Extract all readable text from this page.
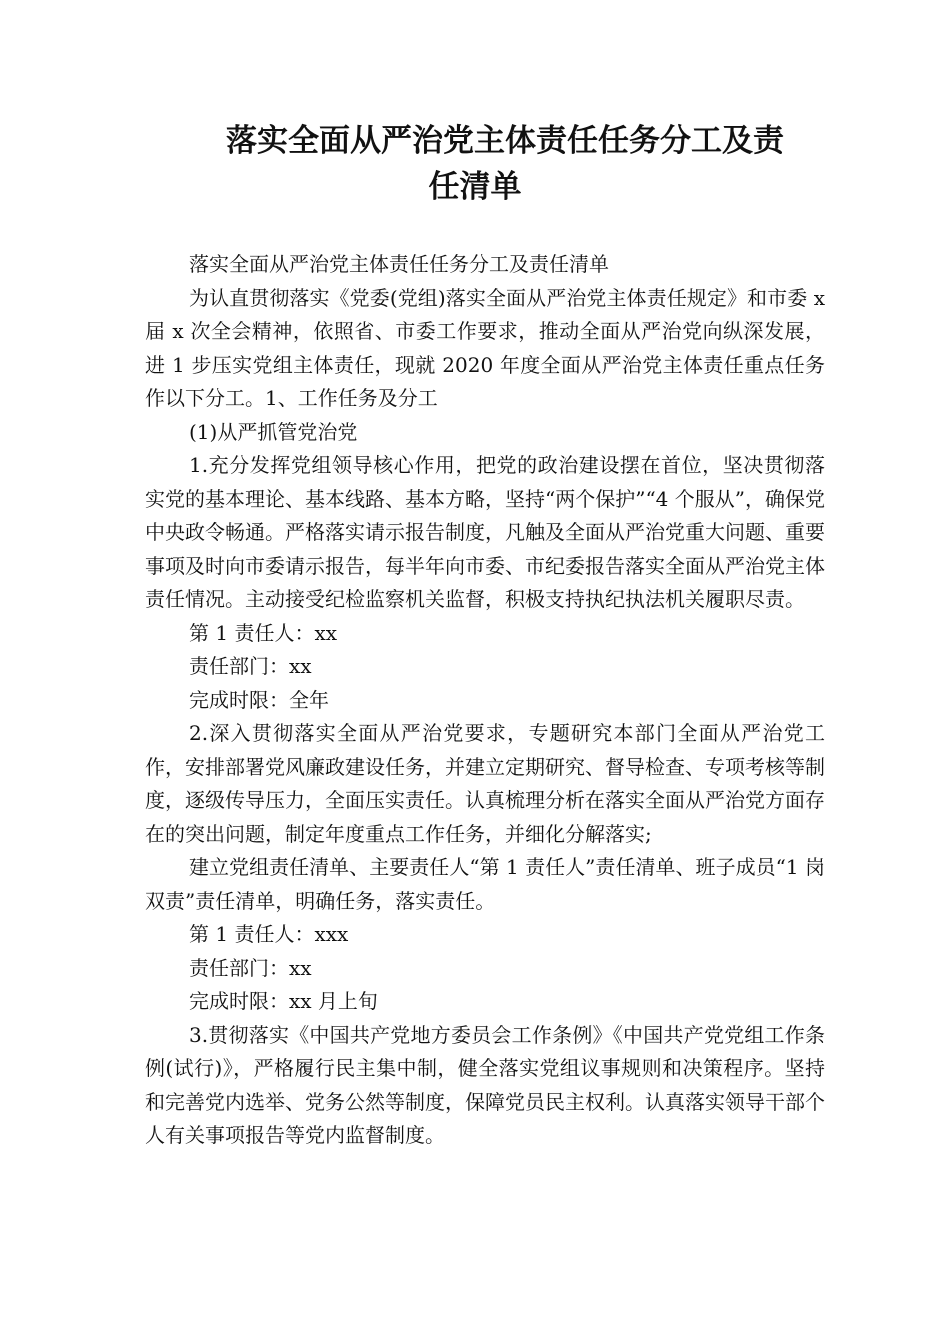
落实全面从严治党主体责任任务分工及责
任清单

落实全面从严治党主体责任任务分工及责任清单

为认直贯彻落实《党委(党组)落实全面从严治党主体责任规定》和市委 x 届 x 次全会精神，依照省、市委工作要求，推动全面从严治党向纵深发展，进 1 步压实党组主体责任，现就 2020 年度全面从严治党主体责任重点任务作以下分工。1、工作任务及分工

(1)从严抓管党治党

1.充分发挥党组领导核心作用，把党的政治建设摆在首位，坚决贯彻落实党的基本理论、基本线路、基本方略，坚持“两个保护”“4 个服从”，确保党中央政令畅通。严格落实请示报告制度，凡触及全面从严治党重大问题、重要事项及时向市委请示报告，每半年向市委、市纪委报告落实全面从严治党主体责任情况。主动接受纪检监察机关监督，积极支持执纪执法机关履职尽责。

第 1 责任人：xx

责任部门：xx

完成时限：全年

2.深入贯彻落实全面从严治党要求，专题研究本部门全面从严治党工作，安排部署党风廉政建设任务，并建立定期研究、督导检查、专项考核等制度，逐级传导压力，全面压实责任。认真梳理分析在落实全面从严治党方面存在的突出问题，制定年度重点工作任务，并细化分解落实;

建立党组责任清单、主要责任人“第 1 责任人”责任清单、班子成员“1 岗双责”责任清单，明确任务，落实责任。

第 1 责任人：xxx

责任部门：xx

完成时限：xx 月上旬

3.贯彻落实《中国共产党地方委员会工作条例》《中国共产党党组工作条例(试行)》，严格履行民主集中制，健全落实党组议事规则和决策程序。坚持和完善党内选举、党务公然等制度，保障党员民主权利。认真落实领导干部个人有关事项报告等党内监督制度。
